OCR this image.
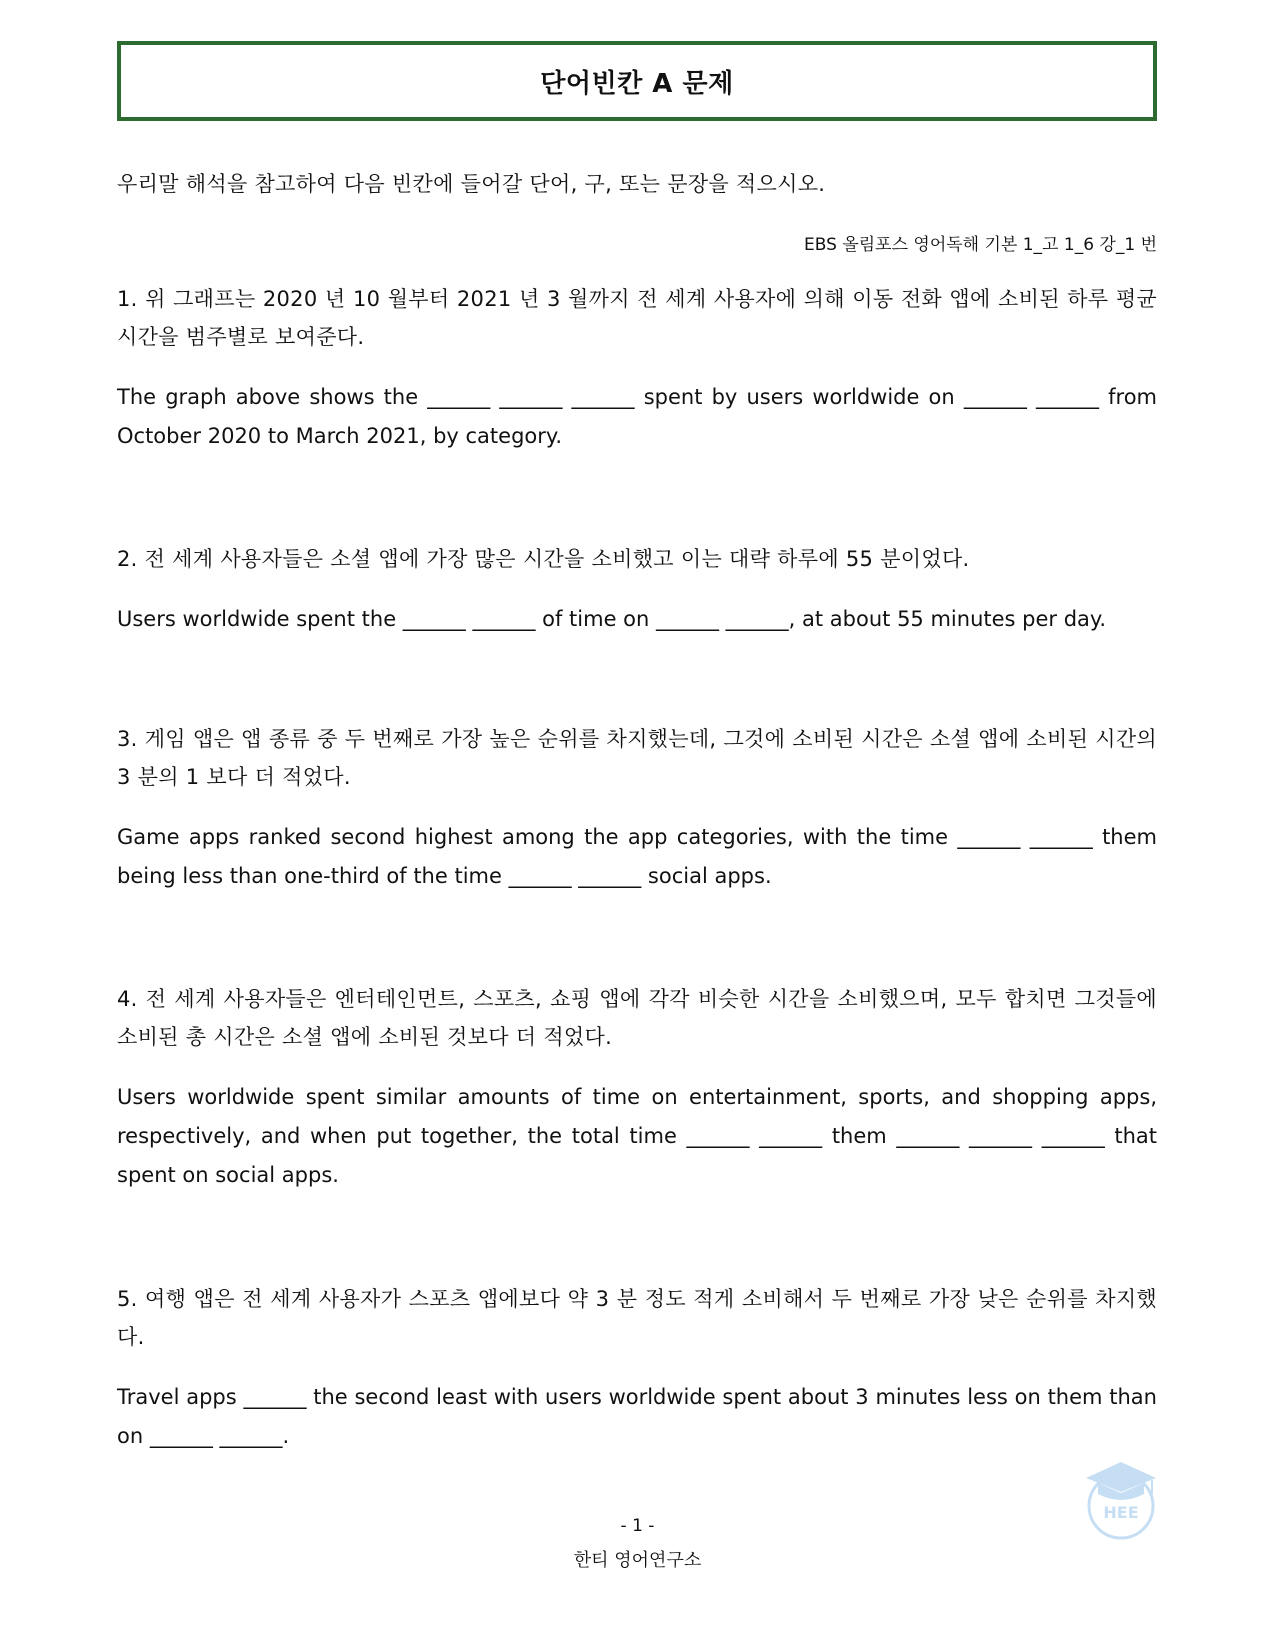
단어빈칸 A 문제
우리말 해석을 참고하여 다음 빈칸에 들어갈 단어, 구, 또는 문장을 적으시오.
EBS 올림포스 영어독해 기본 1_고 1_6 강_1 번
1. 위 그래프는 2020 년 10 월부터 2021 년 3 월까지 전 세계 사용자에 의해 이동 전화 앱에 소비된 하루 평균 시간을 범주별로 보여준다.
The graph above shows the ______ ______ ______ spent by users worldwide on ______ ______ from October 2020 to March 2021, by category.
2. 전 세계 사용자들은 소셜 앱에 가장 많은 시간을 소비했고 이는 대략 하루에 55 분이었다.
Users worldwide spent the ______ ______ of time on ______ ______, at about 55 minutes per day.
3. 게임 앱은 앱 종류 중 두 번째로 가장 높은 순위를 차지했는데, 그것에 소비된 시간은 소셜 앱에 소비된 시간의 3 분의 1 보다 더 적었다.
Game apps ranked second highest among the app categories, with the time ______ ______ them being less than one-third of the time ______ ______ social apps.
4. 전 세계 사용자들은 엔터테인먼트, 스포츠, 쇼핑 앱에 각각 비슷한 시간을 소비했으며, 모두 합치면 그것들에 소비된 총 시간은 소셜 앱에 소비된 것보다 더 적었다.
Users worldwide spent similar amounts of time on entertainment, sports, and shopping apps, respectively, and when put together, the total time ______ ______ them ______ ______ ______ that spent on social apps.
5. 여행 앱은 전 세계 사용자가 스포츠 앱에보다 약 3 분 정도 적게 소비해서 두 번째로 가장 낮은 순위를 차지했다.
Travel apps ______ the second least with users worldwide spent about 3 minutes less on them than on ______ ______.
- 1 -
한티 영어연구소
HEE
